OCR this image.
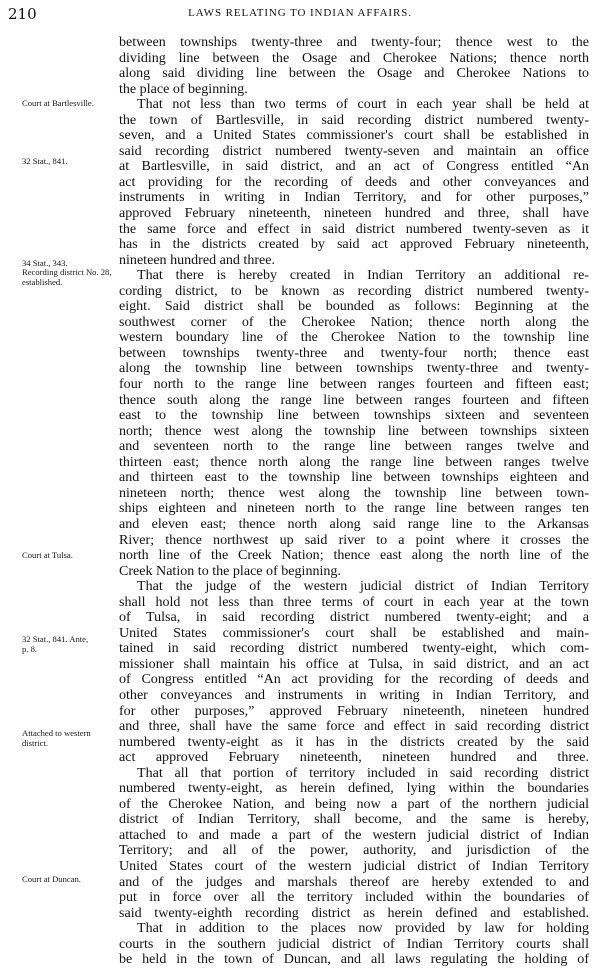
210	LAWS RELATING TO INDIAN AFFAIRS.
Court at Bartlesville.
32 Stat., 841.
34 Stat., 343.
Recording district No. 28, established.
Court at Tulsa.
32 Stat., 841. Ante, p. 8.
Attached to western district.
Court at Duncan.
between townships twenty-three and twenty-four; thence west to the
dividing line between the Osage and Cherokee Nations; thence north
along said dividing line between the Osage and Cherokee Nations to
the place of beginning.
That not less than two terms of court in each year shall be held at
the town of Bartlesville, in said recording district numbered twenty-
seven, and a United States commissioner's court shall be established in
said recording district numbered twenty-seven and maintain an office
at Bartlesville, in said district, and an act of Congress entitled “An
act providing for the recording of deeds and other conveyances and
instruments in writing in Indian Territory, and for other purposes,”
approved February nineteenth, nineteen hundred and three, shall have
the same force and effect in said district numbered twenty-seven as it
has in the districts created by said act approved February nineteenth,
nineteen hundred and three.
That there is hereby created in Indian Territory an additional re-
cording district, to be known as recording district numbered twenty-
eight. Said district shall be bounded as follows: Beginning at the
southwest corner of the Cherokee Nation; thence north along the
western boundary line of the Cherokee Nation to the township line
between townships twenty-three and twenty-four north; thence east
along the township line between townships twenty-three and twenty-
four north to the range line between ranges fourteen and fifteen east;
thence south along the range line between ranges fourteen and fifteen
east to the township line between townships sixteen and seventeen
north; thence west along the township line between townships sixteen
and seventeen north to the range line between ranges twelve and
thirteen east; thence north along the range line between ranges twelve
and thirteen east to the township line between townships eighteen and
nineteen north; thence west along the township line between town-
ships eighteen and nineteen north to the range line between ranges ten
and eleven east; thence north along said range line to the Arkansas
River; thence northwest up said river to a point where it crosses the
north line of the Creek Nation; thence east along the north line of the
Creek Nation to the place of beginning.
That the judge of the western judicial district of Indian Territory
shall hold not less than three terms of court in each year at the town
of Tulsa, in said recording district numbered twenty-eight; and a
United States commissioner's court shall be established and main-
tained in said recording district numbered twenty-eight, which com-
missioner shall maintain his office at Tulsa, in said district, and an act
of Congress entitled “An act providing for the recording of deeds and
other conveyances and instruments in writing in Indian Territory, and
for other purposes,” approved February nineteenth, nineteen hundred
and three, shall have the same force and effect in said recording district
numbered twenty-eight as it has in the districts created by the said
act approved February nineteenth, nineteen hundred and three.
That all that portion of territory included in said recording district
numbered twenty-eight, as herein defined, lying within the boundaries
of the Cherokee Nation, and being now a part of the northern judicial
district of Indian Territory, shall become, and the same is hereby,
attached to and made a part of the western judicial district of Indian
Territory; and all of the power, authority, and jurisdiction of the
United States court of the western judicial district of Indian Territory
and of the judges and marshals thereof are hereby extended to and
put in force over all the territory included within the boundaries of
said twenty-eighth recording district as herein defined and established.
That in addition to the places now provided by law for holding
courts in the southern judicial district of Indian Territory courts shall
be held in the town of Duncan, and all laws regulating the holding of
